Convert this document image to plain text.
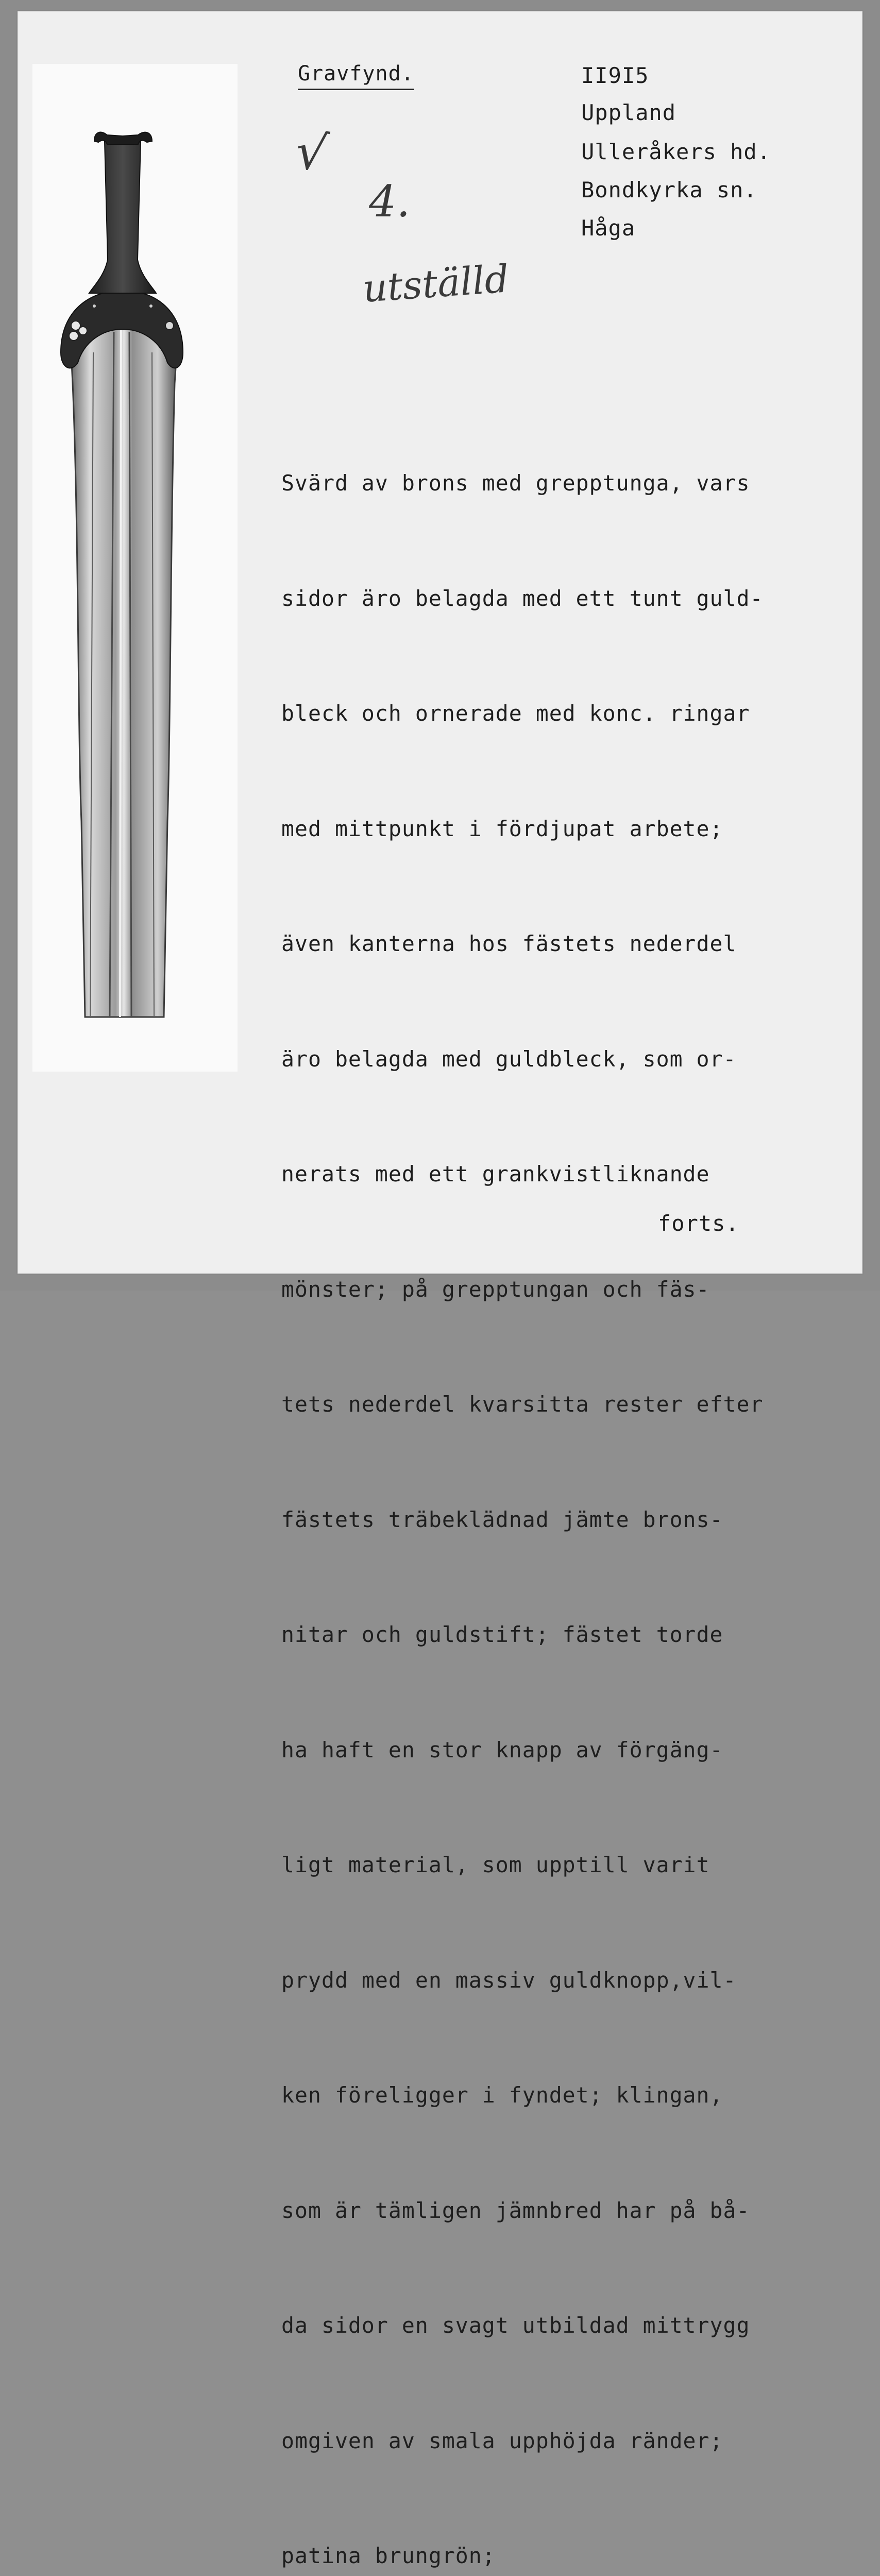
Gravfynd.	II9I5

Uppland

Ulleråkers hd.

Bondkyrka sn.

Håga

√
4.
utställd

Svärd av brons med grepptunga, vars

sidor äro belagda med ett tunt guld-

bleck och ornerade med konc. ringar

med mittpunkt i fördjupat arbete;

även kanterna hos fästets nederdel

äro belagda med guldbleck, som or-

nerats med ett grankvistliknande

mönster; på grepptungan och fäs-

tets nederdel kvarsitta rester efter

fästets träbeklädnad jämte brons-

nitar och guldstift; fästet torde

ha haft en stor knapp av förgäng-

ligt material, som upptill varit

prydd med en massiv guldknopp,vil-

ken föreligger i fyndet; klingan,

som är tämligen jämnbred har på bå-

da sidor en svagt utbildad mittrygg

omgiven av smala upphöjda ränder;

patina brungrön;

forts.
